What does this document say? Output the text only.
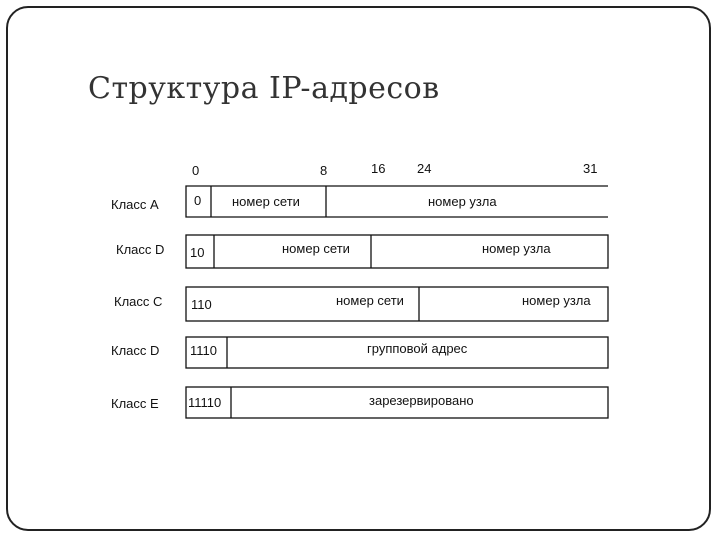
Структура IP-адресов
0	8	16 24	31
Класс А	0 номер сети	номер узла
Класс D 10	номер сети	номер узла
Класс С 110	номер сети	номер узла
Класс D 1110	групповой адрес
Класс Е 11110	зарезервировано
